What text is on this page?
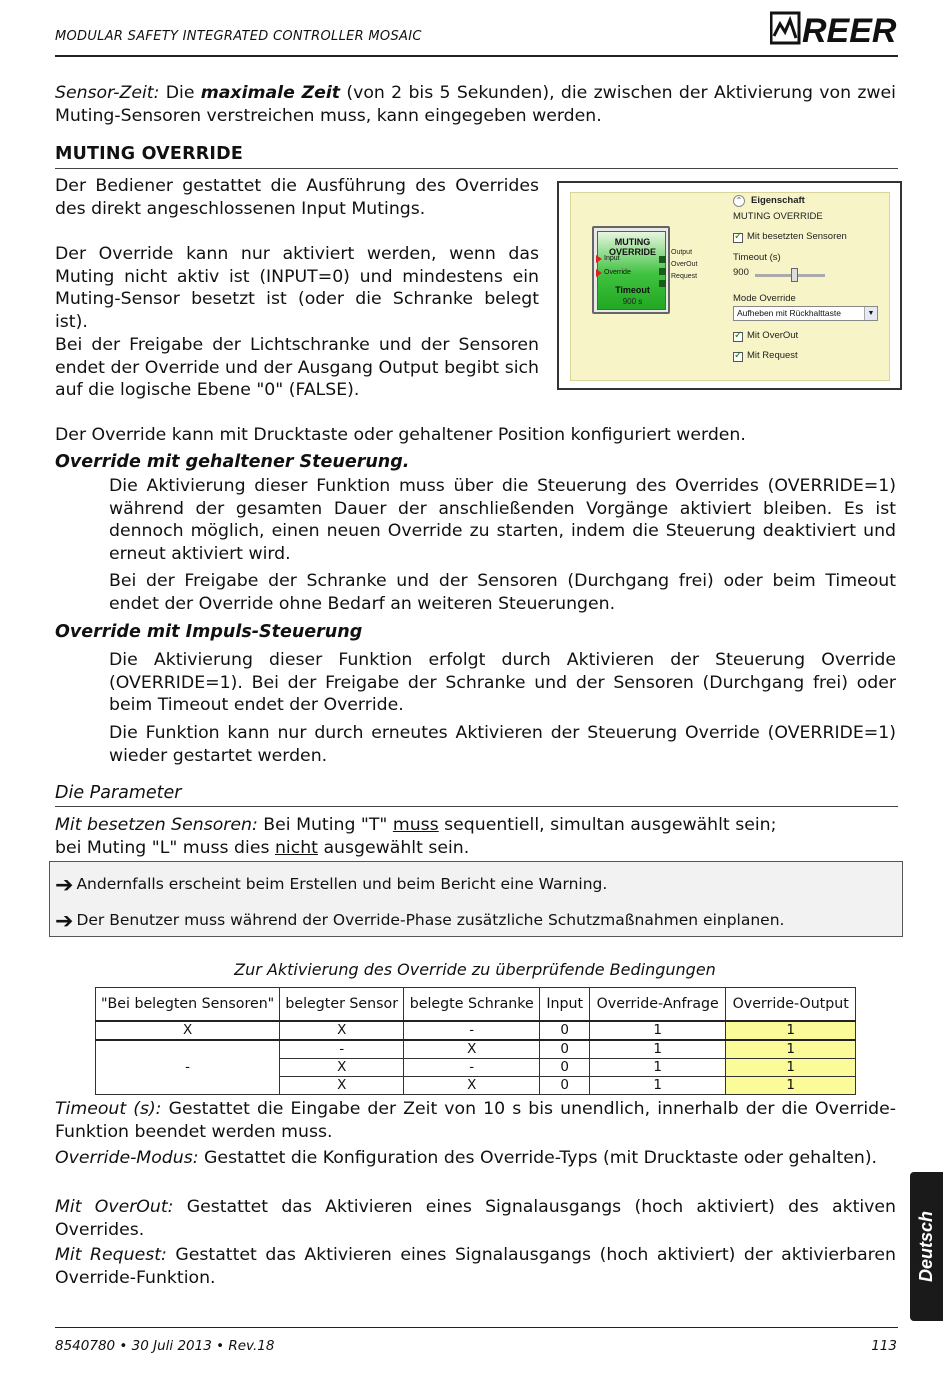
MODULAR SAFETY INTEGRATED CONTROLLER MOSAIC	REER
Sensor-Zeit: Die maximale Zeit (von 2 bis 5 Sekunden), die zwischen der Aktivierung von zwei Muting-Sensoren verstreichen muss, kann eingegeben werden.
MUTING OVERRIDE
Der Bediener gestattet die Ausführung des Overrides des direkt angeschlossenen Input Mutings.
Der Override kann nur aktiviert werden, wenn das Muting nicht aktiv ist (INPUT=0) und mindestens ein Muting-Sensor besetzt ist (oder die Schranke belegt ist).
Bei der Freigabe der Lichtschranke und der Sensoren endet der Override und der Ausgang Output begibt sich auf die logische Ebene "0" (FALSE).
Der Override kann mit Drucktaste oder gehaltener Position konfiguriert werden.
MUTING
OVERRIDE
Input
Override
Timeout
900 s
Output
OverOut
Request
⌃ Eigenschaft
MUTING OVERRIDE
✓
Mit besetzten Sensoren
Timeout (s)
900
Mode Override
Aufheben mit Rückhalttaste	▼
✓
Mit OverOut
✓
Mit Request
Override mit gehaltener Steuerung.
Die Aktivierung dieser Funktion muss über die Steuerung des Overrides (OVERRIDE=1) während der gesamten Dauer der anschließenden Vorgänge aktiviert bleiben. Es ist dennoch möglich, einen neuen Override zu starten, indem die Steuerung deaktiviert und erneut aktiviert wird.
Bei der Freigabe der Schranke und der Sensoren (Durchgang frei) oder beim Timeout endet der Override ohne Bedarf an weiteren Steuerungen.
Override mit Impuls-Steuerung
Die Aktivierung dieser Funktion erfolgt durch Aktivieren der Steuerung Override (OVERRIDE=1). Bei der Freigabe der Schranke und der Sensoren (Durchgang frei) oder beim Timeout endet der Override.
Die Funktion kann nur durch erneutes Aktivieren der Steuerung Override (OVERRIDE=1) wieder gestartet werden.
Die Parameter
Mit besetzen Sensoren: Bei Muting "T" muss sequentiell, simultan ausgewählt sein;
bei Muting "L" muss dies nicht ausgewählt sein.
➔ Andernfalls erscheint beim Erstellen und beim Bericht eine Warning.
➔ Der Benutzer muss während der Override-Phase zusätzliche Schutzmaßnahmen einplanen.
Zur Aktivierung des Override zu überprüfende Bedingungen
"Bei belegten Sensoren"	belegter Sensor	belegte Schranke	Input	Override-Anfrage	Override-Output
X	X	-	0	1	1
-	-	X	0	1	1
	X	-	0	1	1
	X	X	0	1	1
Timeout (s): Gestattet die Eingabe der Zeit von 10 s bis unendlich, innerhalb der die Override-Funktion beendet werden muss.
Override-Modus: Gestattet die Konfiguration des Override-Typs (mit Drucktaste oder gehalten).
Mit OverOut: Gestattet das Aktivieren eines Signalausgangs (hoch aktiviert) des aktiven Overrides.
Mit Request: Gestattet das Aktivieren eines Signalausgangs (hoch aktiviert) der aktivierbaren Override-Funktion.	Deutsch
8540780 • 30 Juli 2013 • Rev.18	113
